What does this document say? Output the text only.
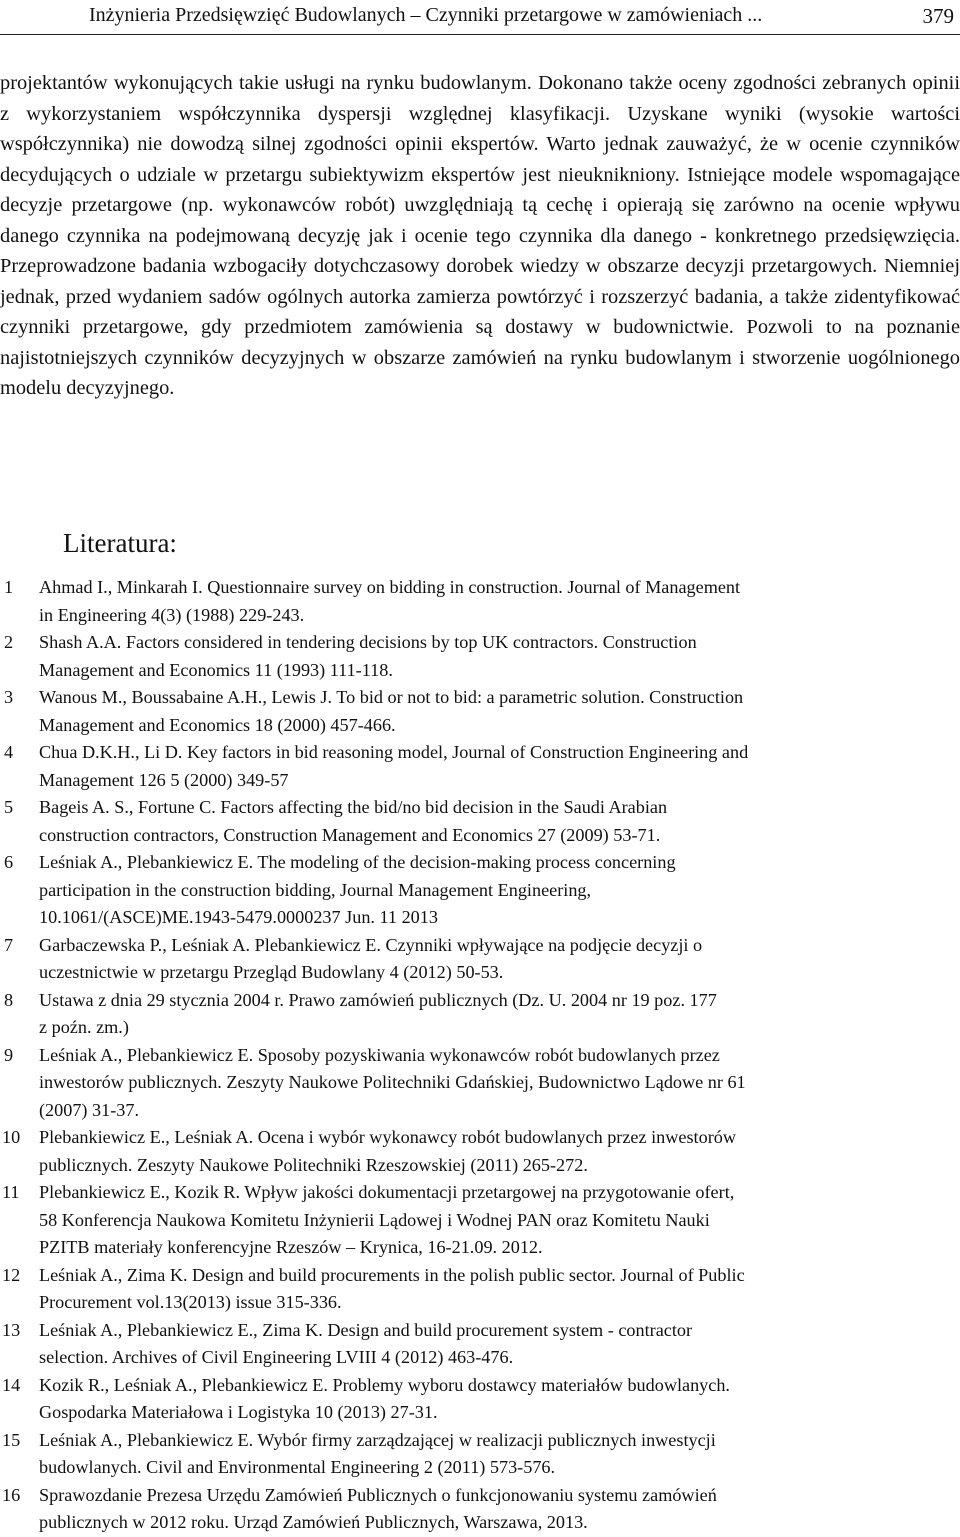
Inżynieria Przedsięwzięć Budowlanych – Czynniki przetargowe w zamówieniach ...	379

projektantów wykonujących takie usługi na rynku budowlanym. Dokonano także oceny zgodności zebranych opinii z wykorzystaniem współczynnika dyspersji względnej klasyfikacji. Uzyskane wyniki (wysokie wartości współczynnika) nie dowodzą silnej zgodności opinii ekspertów. Warto jednak zauważyć, że w ocenie czynników decydujących o udziale w przetargu subiektywizm ekspertów jest nieuknikniony. Istniejące modele wspomagające decyzje przetargowe (np. wykonawców robót) uwzględniają tą cechę i opierają się zarówno na ocenie wpływu danego czynnika na podejmowaną decyzję jak i ocenie tego czynnika dla danego - konkretnego przedsięwzięcia. Przeprowadzone badania wzbogaciły dotychczasowy dorobek wiedzy w obszarze decyzji przetargowych. Niemniej jednak, przed wydaniem sadów ogólnych autorka zamierza powtórzyć i rozszerzyć badania, a także zidentyfikować czynniki przetargowe, gdy przedmiotem zamówienia są dostawy w budownictwie. Pozwoli to na poznanie najistotniejszych czynników decyzyjnych w obszarze zamówień na rynku budowlanym i stworzenie uogólnionego modelu decyzyjnego.

Literatura:
1 Ahmad I., Minkarah I. Questionnaire survey on bidding in construction. Journal of Management
in Engineering 4(3) (1988) 229-243.
2 Shash A.A. Factors considered in tendering decisions by top UK contractors. Construction
Management and Economics 11 (1993) 111-118.
3 Wanous M., Boussabaine A.H., Lewis J. To bid or not to bid: a parametric solution. Construction
Management and Economics 18 (2000) 457-466.
4 Chua D.K.H., Li D. Key factors in bid reasoning model, Journal of Construction Engineering and
Management 126 5 (2000) 349-57
5 Bageis A. S., Fortune C. Factors affecting the bid/no bid decision in the Saudi Arabian
construction contractors, Construction Management and Economics 27 (2009) 53-71.
6 Leśniak A., Plebankiewicz E. The modeling of the decision-making process concerning
participation in the construction bidding, Journal Management Engineering,
10.1061/(ASCE)ME.1943-5479.0000237 Jun. 11 2013
7 Garbaczewska P., Leśniak A. Plebankiewicz E. Czynniki wpływające na podjęcie decyzji o
uczestnictwie w przetargu Przegląd Budowlany 4 (2012) 50-53.
8 Ustawa z dnia 29 stycznia 2004 r. Prawo zamówień publicznych (Dz. U. 2004 nr 19 poz. 177
z poźn. zm.)
9 Leśniak A., Plebankiewicz E. Sposoby pozyskiwania wykonawców robót budowlanych przez
inwestorów publicznych. Zeszyty Naukowe Politechniki Gdańskiej, Budownictwo Lądowe nr 61
(2007) 31-37.
10 Plebankiewicz E., Leśniak A. Ocena i wybór wykonawcy robót budowlanych przez inwestorów
publicznych. Zeszyty Naukowe Politechniki Rzeszowskiej (2011) 265-272.
11 Plebankiewicz E., Kozik R. Wpływ jakości dokumentacji przetargowej na przygotowanie ofert,
58 Konferencja Naukowa Komitetu Inżynierii Lądowej i Wodnej PAN oraz Komitetu Nauki
PZITB materiały konferencyjne Rzeszów – Krynica, 16-21.09. 2012.
12 Leśniak A., Zima K. Design and build procurements in the polish public sector. Journal of Public
Procurement vol.13(2013) issue 315-336.
13 Leśniak A., Plebankiewicz E., Zima K. Design and build procurement system - contractor
selection. Archives of Civil Engineering LVIII 4 (2012) 463-476.
14 Kozik R., Leśniak A., Plebankiewicz E. Problemy wyboru dostawcy materiałów budowlanych.
Gospodarka Materiałowa i Logistyka 10 (2013) 27-31.
15 Leśniak A., Plebankiewicz E. Wybór firmy zarządzającej w realizacji publicznych inwestycji
budowlanych. Civil and Environmental Engineering 2 (2011) 573-576.
16 Sprawozdanie Prezesa Urzędu Zamówień Publicznych o funkcjonowaniu systemu zamówień
publicznych w 2012 roku. Urząd Zamówień Publicznych, Warszawa, 2013.
